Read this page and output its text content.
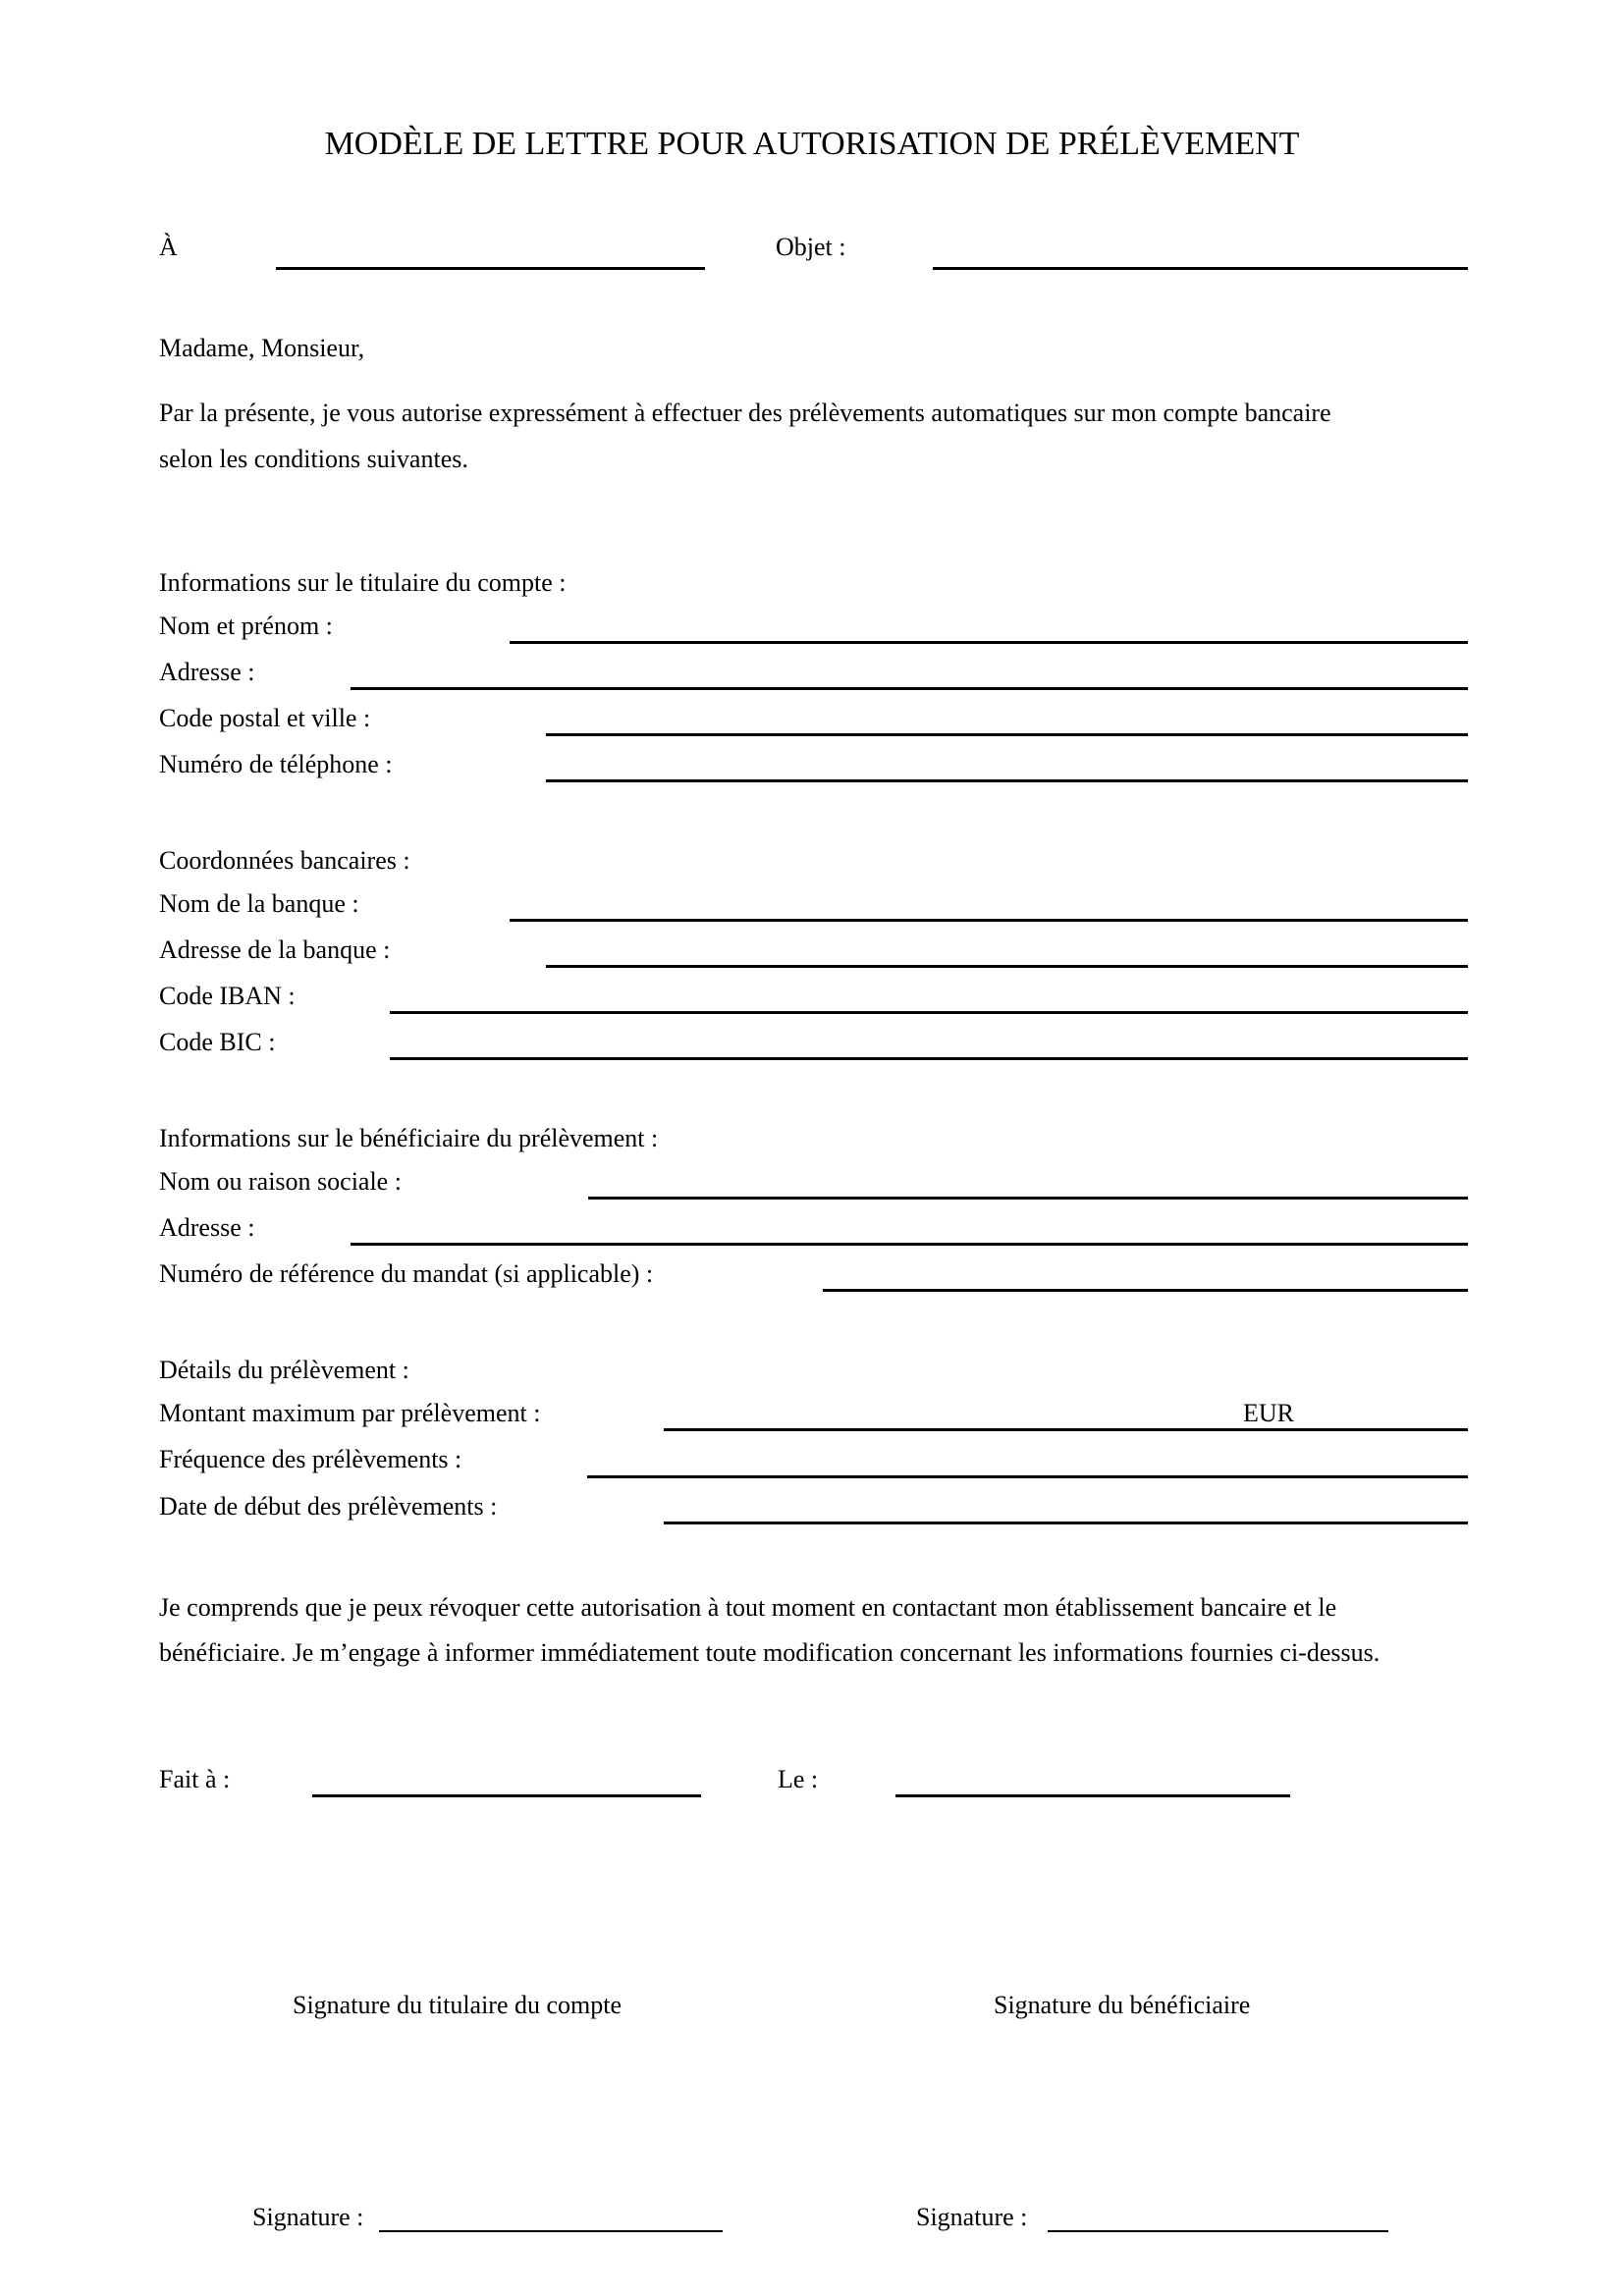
MODÈLE DE LETTRE POUR AUTORISATION DE PRÉLÈVEMENT
À	Objet :
Madame, Monsieur,
Par la présente, je vous autorise expressément à effectuer des prélèvements automatiques sur mon compte bancaire
selon les conditions suivantes.
Informations sur le titulaire du compte :
Nom et prénom :
Adresse :
Code postal et ville :
Numéro de téléphone :
Coordonnées bancaires :
Nom de la banque :
Adresse de la banque :
Code IBAN :
Code BIC :
Informations sur le bénéficiaire du prélèvement :
Nom ou raison sociale :
Adresse :
Numéro de référence du mandat (si applicable) :
Détails du prélèvement :
Montant maximum par prélèvement :	EUR
Fréquence des prélèvements :
Date de début des prélèvements :
Je comprends que je peux révoquer cette autorisation à tout moment en contactant mon établissement bancaire et le
bénéficiaire. Je m’engage à informer immédiatement toute modification concernant les informations fournies ci-dessus.
Fait à :	Le :
Signature du titulaire du compte	Signature du bénéficiaire
Signature :	Signature :
